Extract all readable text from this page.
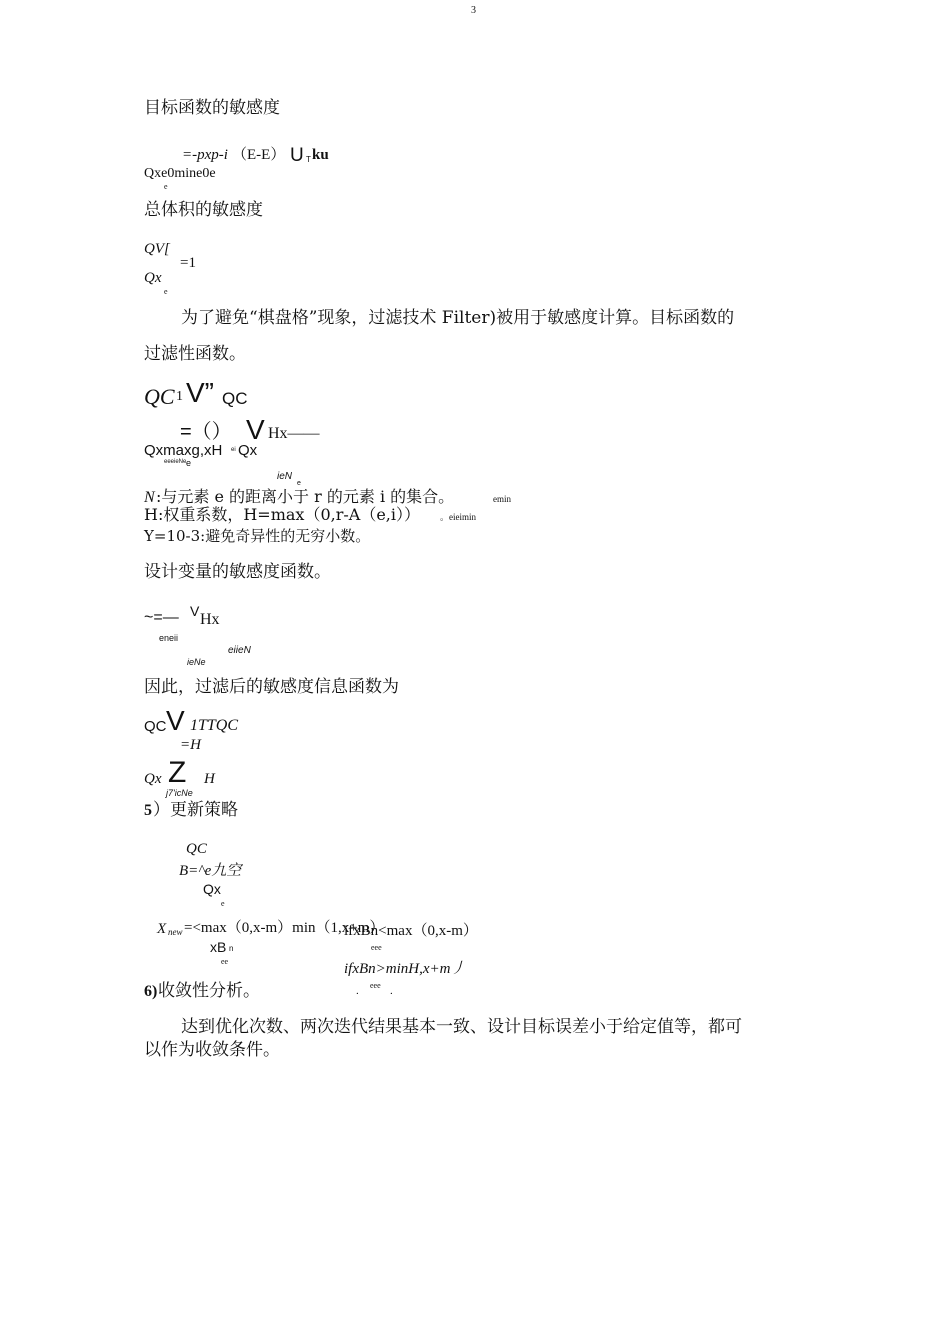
3
目标函数的敏感度
=-pxp-i （E-E） U T ku
Qxe0mine0e
e
总体积的敏感度
QV[
=1
Qx
e
为了避免“棋盘格”现象，过滤技术 Filter)被用于敏感度计算。目标函数的
过滤性函数。
QC 1 V” QC
=（） V Hx——
Qxmaxg,xH ei Qx
eeeieNe e
ieN
e
N :与元素 e 的距离小于 r 的元素 i 的集合。	emin
H:权重系数，H=max（0,r-A（e,i）） 。eieimin
Y=10-3:避免奇异性的无穷小数。
设计变量的敏感度函数。
~=— V Hx
eneii
eiieN
ieNe
因此，过滤后的敏感度信息函数为
QC V 1TTQC
=H
Qx Z H
j7'icNe
5 ）更新策略
QC
B=^e九空
Qx
e
X new =<max（0,x-m）min（1,x+m）
xB n
ee
ifxBn<max（0,x-m）
eee
ifxBn>minH,x+m丿
eee
6) 收敛性分析。	.	.
达到优化次数、两次迭代结果基本一致、设计目标误差小于给定值等，都可
以作为收敛条件。
